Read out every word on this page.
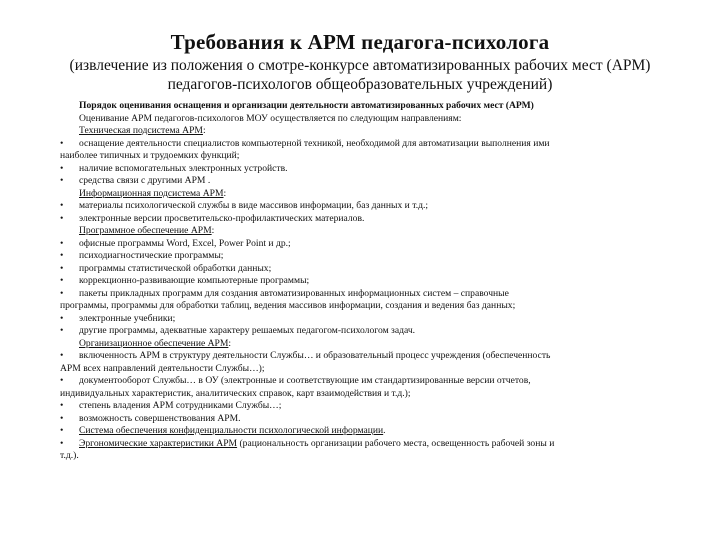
Требования к АРМ педагога-психолога
(извлечение из положения о смотре-конкурсе автоматизированных рабочих мест (АРМ) педагогов-психологов общеобразовательных учреждений)
Порядок оценивания оснащения и организации деятельности автоматизированных рабочих мест (АРМ)
Оценивание АРМ педагогов-психологов МОУ осуществляется по следующим направлениям:
Техническая подсистема АРМ:
• оснащение деятельности специалистов компьютерной техникой, необходимой для автоматизации выполнения ими
наиболее типичных и трудоемких функций;
• наличие вспомогательных электронных устройств.
• средства связи с другими АРМ .
Информационная подсистема АРМ:
• материалы психологической службы в виде массивов информации, баз данных и т.д.;
• электронные версии просветительско-профилактических материалов.
Программное обеспечение АРМ:
• офисные программы Word, Excel, Power Point и др.;
• психодиагностические программы;
• программы статистической обработки данных;
• коррекционно-развивающие компьютерные программы;
• пакеты прикладных программ для создания автоматизированных информационных систем – справочные
программы, программы для обработки таблиц, ведения массивов информации, создания и ведения баз данных;
• электронные учебники;
• другие программы, адекватные характеру решаемых педагогом-психологом задач.
Организационное обеспечение АРМ:
• включенность АРМ в структуру деятельности Службы… и образовательный процесс учреждения (обеспеченность
АРМ всех направлений деятельности Службы…);
• документооборот Службы… в ОУ (электронные и соответствующие им стандартизированные версии отчетов,
индивидуальных характеристик, аналитических справок, карт взаимодействия и т.д.);
• степень владения АРМ сотрудниками Службы…;
• возможность совершенствования АРМ.
• Система обеспечения конфиденциальности психологической информации.
• Эргономические характеристики АРМ (рациональность организации рабочего места, освещенность рабочей зоны и
т.д.).
